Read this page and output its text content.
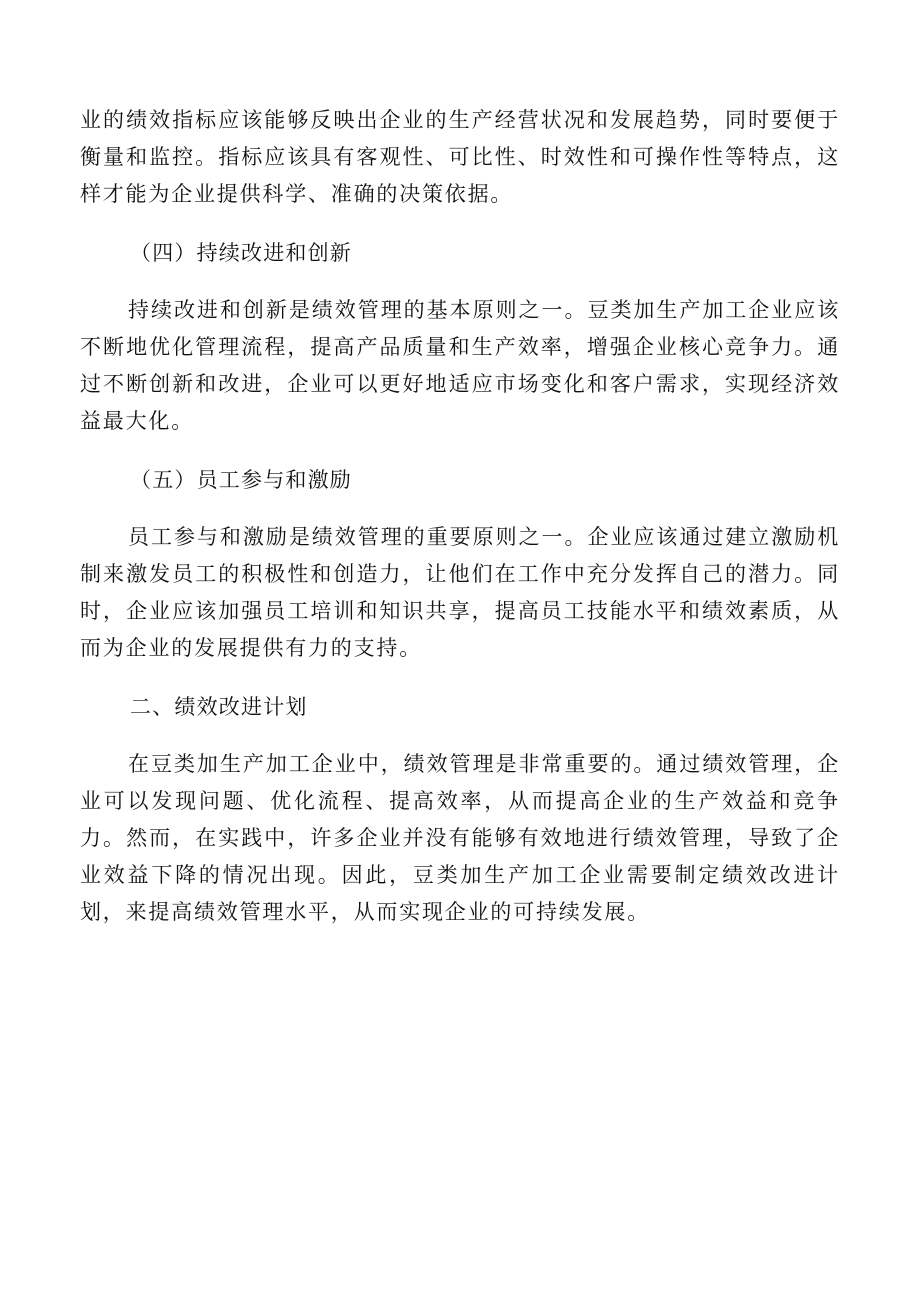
业的绩效指标应该能够反映出企业的生产经营状况和发展趋势，同时要便于衡量和监控。指标应该具有客观性、可比性、时效性和可操作性等特点，这样才能为企业提供科学、准确的决策依据。

（四）持续改进和创新

持续改进和创新是绩效管理的基本原则之一。豆类加生产加工企业应该不断地优化管理流程，提高产品质量和生产效率，增强企业核心竞争力。通过不断创新和改进，企业可以更好地适应市场变化和客户需求，实现经济效益最大化。

（五）员工参与和激励

员工参与和激励是绩效管理的重要原则之一。企业应该通过建立激励机制来激发员工的积极性和创造力，让他们在工作中充分发挥自己的潜力。同时，企业应该加强员工培训和知识共享，提高员工技能水平和绩效素质，从而为企业的发展提供有力的支持。

二、绩效改进计划

在豆类加生产加工企业中，绩效管理是非常重要的。通过绩效管理，企业可以发现问题、优化流程、提高效率，从而提高企业的生产效益和竞争力。然而，在实践中，许多企业并没有能够有效地进行绩效管理，导致了企业效益下降的情况出现。因此，豆类加生产加工企业需要制定绩效改进计划，来提高绩效管理水平，从而实现企业的可持续发展。
